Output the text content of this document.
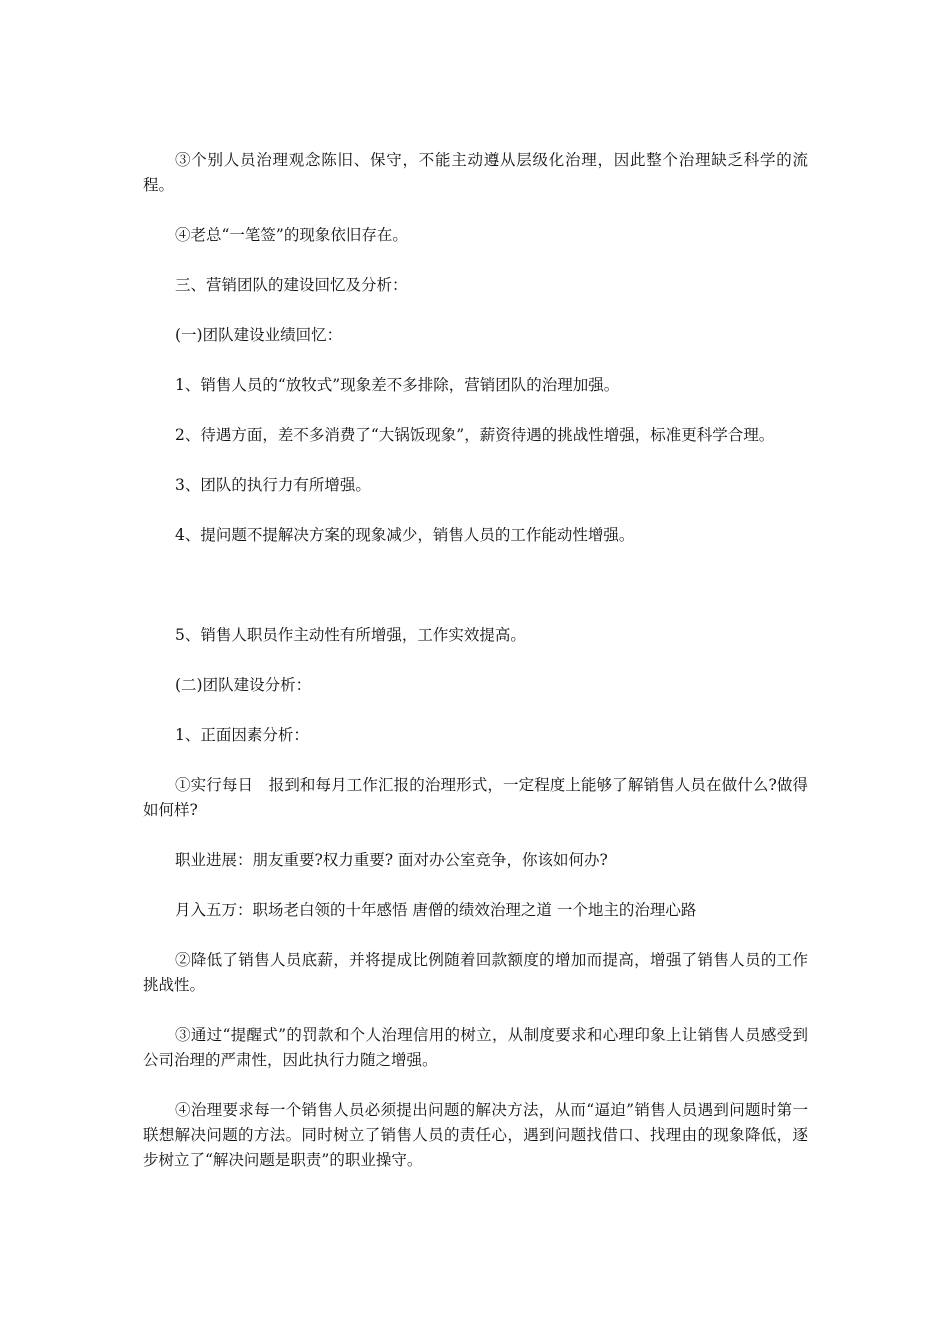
③个别人员治理观念陈旧、保守，不能主动遵从层级化治理，因此整个治理缺乏科学的流程。

④老总“一笔签”的现象依旧存在。

三、营销团队的建设回忆及分析：

(一)团队建设业绩回忆：

1、销售人员的“放牧式”现象差不多排除，营销团队的治理加强。

2、待遇方面，差不多消费了“大锅饭现象”，薪资待遇的挑战性增强，标准更科学合理。

3、团队的执行力有所增强。

4、提问题不提解决方案的现象减少，销售人员的工作能动性增强。

5、销售人职员作主动性有所增强，工作实效提高。

(二)团队建设分析：

1、正面因素分析：

①实行每日　报到和每月工作汇报的治理形式，一定程度上能够了解销售人员在做什么?做得如何样?

职业进展：朋友重要?权力重要? 面对办公室竞争，你该如何办?

月入五万：职场老白领的十年感悟 唐僧的绩效治理之道 一个地主的治理心路

②降低了销售人员底薪，并将提成比例随着回款额度的增加而提高，增强了销售人员的工作挑战性。

③通过“提醒式”的罚款和个人治理信用的树立，从制度要求和心理印象上让销售人员感受到公司治理的严肃性，因此执行力随之增强。

④治理要求每一个销售人员必须提出问题的解决方法，从而“逼迫”销售人员遇到问题时第一联想解决问题的方法。同时树立了销售人员的责任心，遇到问题找借口、找理由的现象降低，逐步树立了“解决问题是职责”的职业操守。
